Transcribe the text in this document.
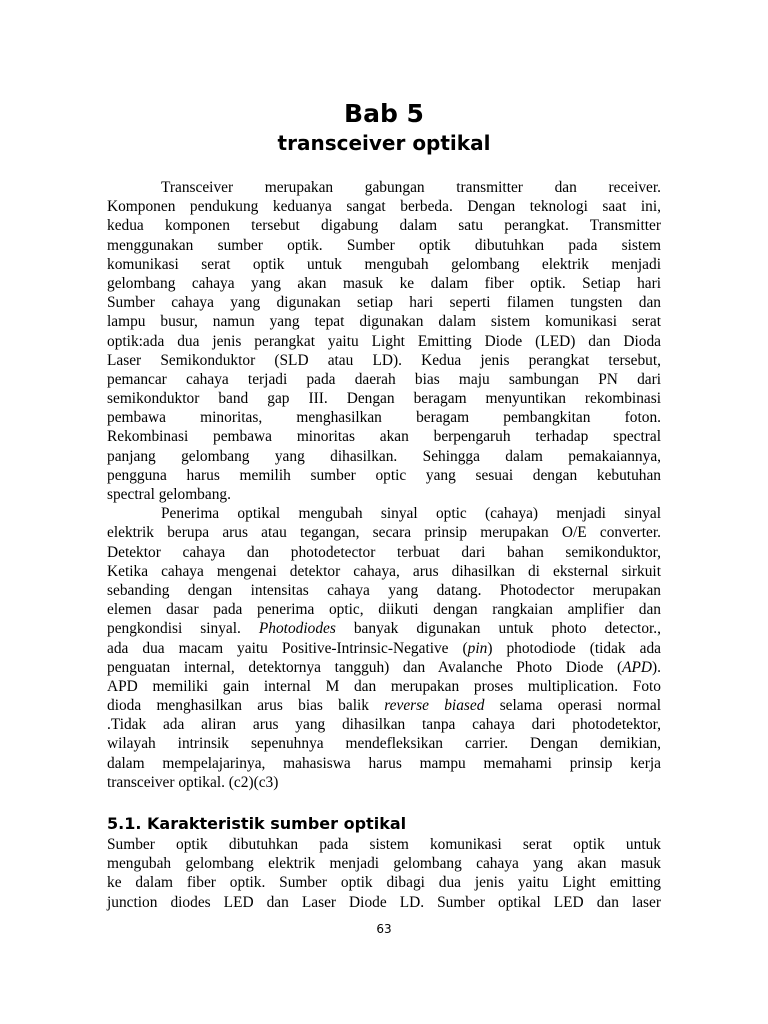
Bab 5
transceiver optikal
Transceiver merupakan gabungan transmitter dan receiver.
Komponen pendukung keduanya sangat berbeda. Dengan teknologi saat ini,
kedua komponen tersebut digabung dalam satu perangkat. Transmitter
menggunakan sumber optik. Sumber optik dibutuhkan pada sistem
komunikasi serat optik untuk mengubah gelombang elektrik menjadi
gelombang cahaya yang akan masuk ke dalam fiber optik. Setiap hari
Sumber cahaya yang digunakan setiap hari seperti filamen tungsten dan
lampu busur, namun yang tepat digunakan dalam sistem komunikasi serat
optik:ada dua jenis perangkat yaitu Light Emitting Diode (LED) dan Dioda
Laser Semikonduktor (SLD atau LD). Kedua jenis perangkat tersebut,
pemancar cahaya terjadi pada daerah bias maju sambungan PN dari
semikonduktor band gap III. Dengan beragam menyuntikan rekombinasi
pembawa minoritas, menghasilkan beragam pembangkitan foton.
Rekombinasi pembawa minoritas akan berpengaruh terhadap spectral
panjang gelombang yang dihasilkan. Sehingga dalam pemakaiannya,
pengguna harus memilih sumber optic yang sesuai dengan kebutuhan
spectral gelombang.
Penerima optikal mengubah sinyal optic (cahaya) menjadi sinyal
elektrik berupa arus atau tegangan, secara prinsip merupakan O/E converter.
Detektor cahaya dan photodetector terbuat dari bahan semikonduktor,
Ketika cahaya mengenai detektor cahaya, arus dihasilkan di eksternal sirkuit
sebanding dengan intensitas cahaya yang datang. Photodector merupakan
elemen dasar pada penerima optic, diikuti dengan rangkaian amplifier dan
pengkondisi sinyal. Photodiodes banyak digunakan untuk photo detector.,
ada dua macam yaitu Positive-Intrinsic-Negative (pin) photodiode (tidak ada
penguatan internal, detektornya tangguh) dan Avalanche Photo Diode (APD).
APD memiliki gain internal M dan merupakan proses multiplication. Foto
dioda menghasilkan arus bias balik reverse biased selama operasi normal
.Tidak ada aliran arus yang dihasilkan tanpa cahaya dari photodetektor,
wilayah intrinsik sepenuhnya mendefleksikan carrier. Dengan demikian,
dalam mempelajarinya, mahasiswa harus mampu memahami prinsip kerja
transceiver optikal. (c2)(c3)
5.1. Karakteristik sumber optikal
Sumber optik dibutuhkan pada sistem komunikasi serat optik untuk
mengubah gelombang elektrik menjadi gelombang cahaya yang akan masuk
ke dalam fiber optik. Sumber optik dibagi dua jenis yaitu Light emitting
junction diodes LED dan Laser Diode LD. Sumber optikal LED dan laser
63
